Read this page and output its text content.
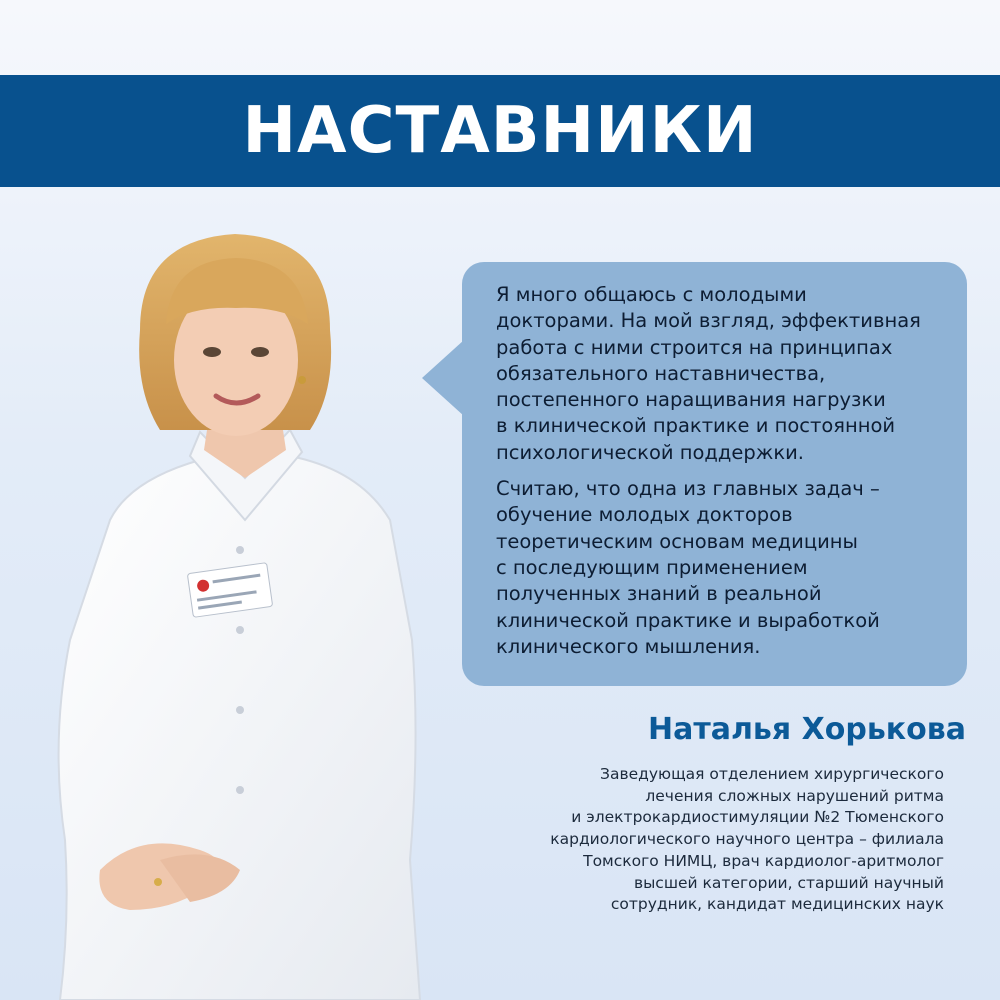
НАСТАВНИКИ

Я много общаюсь с молодыми
докторами. На мой взгляд, эффективная
работа с ними строится на принципах
обязательного наставничества,
постепенного наращивания нагрузки
в клинической практике и постоянной
психологической поддержки.

Считаю, что одна из главных задач –
обучение молодых докторов
теоретическим основам медицины
с последующим применением
полученных знаний в реальной
клинической практике и выработкой
клинического мышления.

Наталья Хорькова
Заведующая отделением хирургического
лечения сложных нарушений ритма
и электрокардиостимуляции №2 Тюменского
кардиологического научного центра – филиала
Томского НИМЦ, врач кардиолог-аритмолог
высшей категории, старший научный
сотрудник, кандидат медицинских наук
